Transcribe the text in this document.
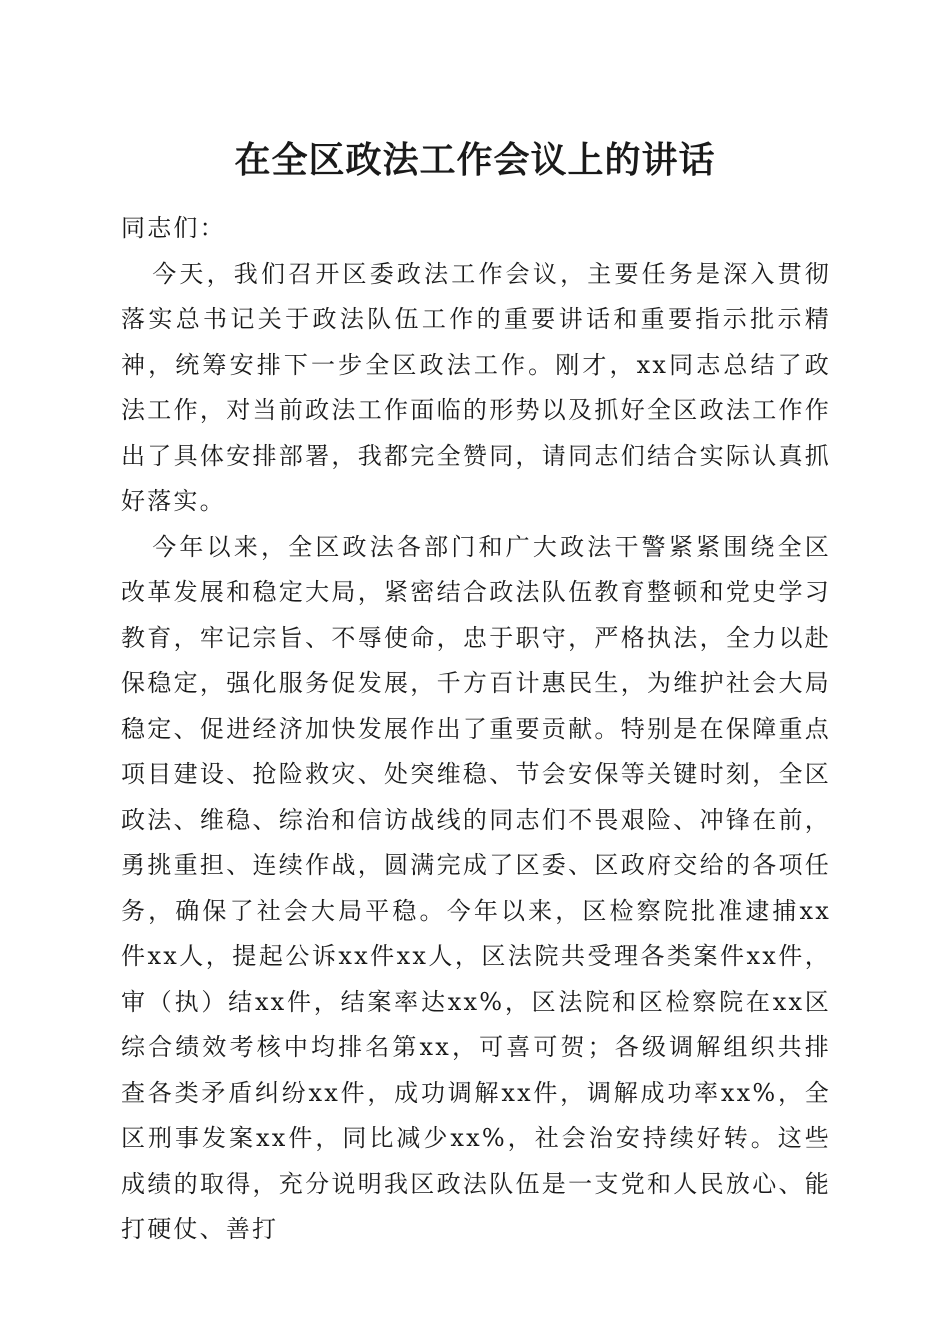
在全区政法工作会议上的讲话

同志们：

今天，我们召开区委政法工作会议，主要任务是深入贯彻落实总书记关于政法队伍工作的重要讲话和重要指示批示精神，统筹安排下一步全区政法工作。刚才，xx同志总结了政法工作，对当前政法工作面临的形势以及抓好全区政法工作作出了具体安排部署，我都完全赞同，请同志们结合实际认真抓好落实。

今年以来，全区政法各部门和广大政法干警紧紧围绕全区改革发展和稳定大局，紧密结合政法队伍教育整顿和党史学习教育，牢记宗旨、不辱使命，忠于职守，严格执法，全力以赴保稳定，强化服务促发展，千方百计惠民生，为维护社会大局稳定、促进经济加快发展作出了重要贡献。特别是在保障重点项目建设、抢险救灾、处突维稳、节会安保等关键时刻，全区政法、维稳、综治和信访战线的同志们不畏艰险、冲锋在前，勇挑重担、连续作战，圆满完成了区委、区政府交给的各项任务，确保了社会大局平稳。今年以来，区检察院批准逮捕xx件xx人，提起公诉xx件xx人，区法院共受理各类案件xx件，审（执）结xx件，结案率达xx%，区法院和区检察院在xx区综合绩效考核中均排名第xx，可喜可贺；各级调解组织共排查各类矛盾纠纷xx件，成功调解xx件，调解成功率xx%，全区刑事发案xx件，同比减少xx%，社会治安持续好转。这些成绩的取得，充分说明我区政法队伍是一支党和人民放心、能打硬仗、善打
